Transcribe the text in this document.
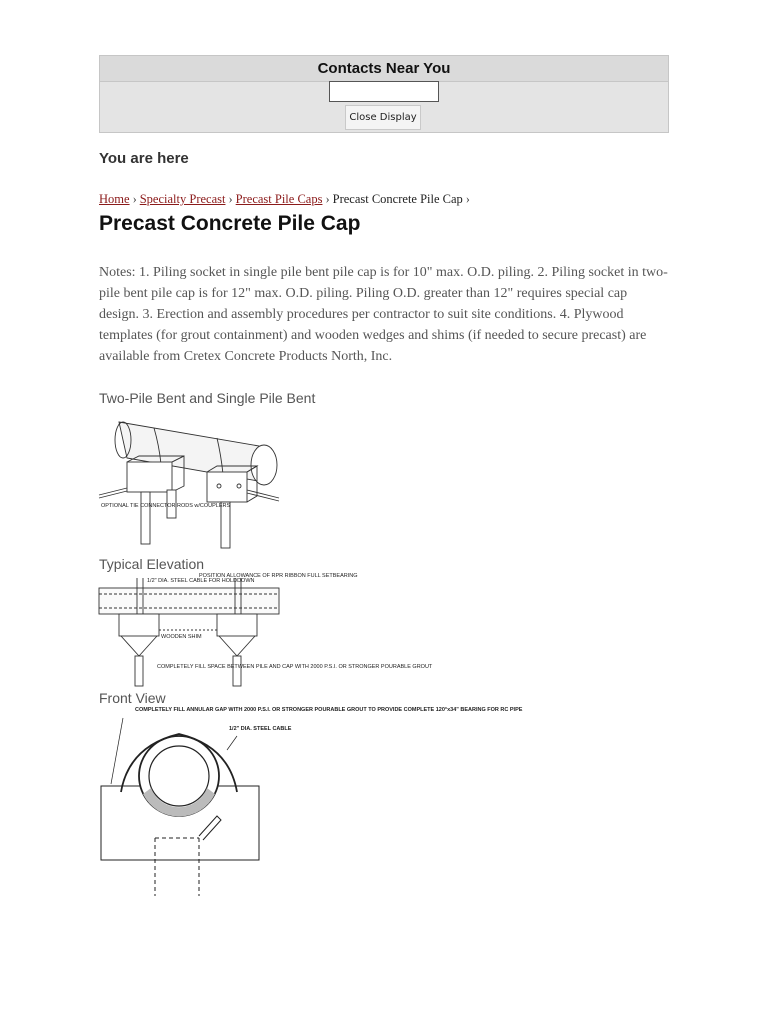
Contacts Near You
Close Display
You are here
Home › Specialty Precast › Precast Pile Caps › Precast Concrete Pile Cap ›
Precast Concrete Pile Cap

Notes: 1. Piling socket in single pile bent pile cap is for 10" max. O.D. piling. 2. Piling socket in two-pile bent pile cap is for 12" max. O.D. piling. Piling O.D. greater than 12" requires special cap design. 3. Erection and assembly procedures per contractor to suit site conditions. 4. Plywood templates (for grout containment) and wooden wedges and shims (if needed to secure precast) are available from Cretex Concrete Products North, Inc.

Two-Pile Bent and Single Pile Bent

OPTIONAL TIE CONNECTOR RODS w/COUPLERS

Typical Elevation

1/2" DIA. STEEL CABLE FOR HOLDDOWN
POSITION ALLOWANCE OF RPR RIBBON FULL SETBEARING
WOODEN SHIM
COMPLETELY FILL SPACE BETWEEN PILE AND CAP WITH 2000 P.S.I. OR STRONGER POURABLE GROUT

Front View

COMPLETELY FILL ANNULAR GAP WITH 2000 P.S.I. OR STRONGER POURABLE GROUT TO PROVIDE COMPLETE 120°x34" BEARING FOR RC PIPE
1/2" DIA. STEEL CABLE
